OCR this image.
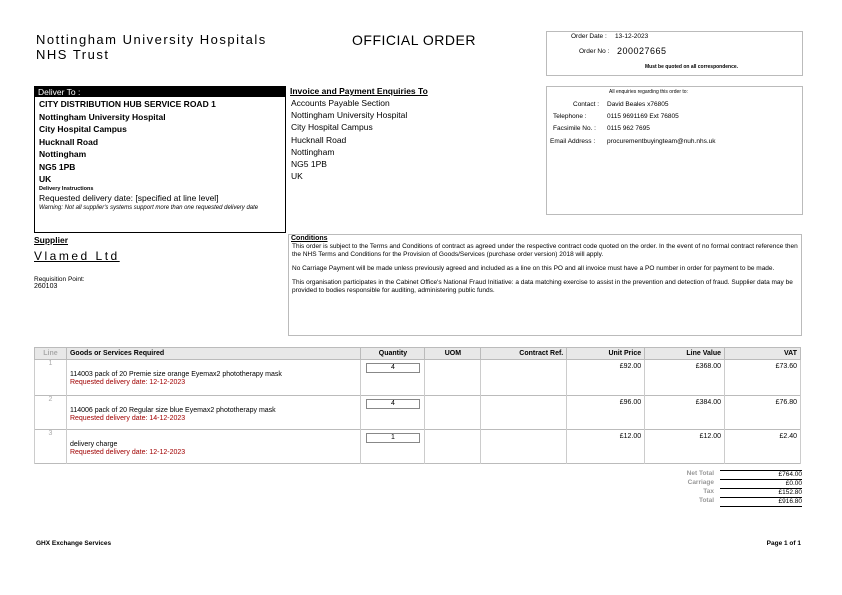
Nottingham University Hospitals
NHS Trust
OFFICIAL ORDER	Order Date : 13-12-2023
Order No : 200027665
Must be quoted on all correspondence.
Deliver To :
CITY DISTRIBUTION HUB SERVICE ROAD 1
Nottingham University Hospital
City Hospital Campus
Hucknall Road
Nottingham
NG5 1PB
UK
Delivery Instructions
Requested delivery date: [specified at line level]
Warning: Not all supplier's systems support more than one requested delivery date
Invoice and Payment Enquiries To
Accounts Payable Section
Nottingham University Hospital
City Hospital Campus
Hucknall Road
Nottingham
NG5 1PB
UK
All enquiries regarding this order to:
Contact : David Beales x76805
Telephone :	0115 9691169 Ext 76805
Facsimile No. : 0115 962 7695
Email Address : procurementbuyingteam@nuh.nhs.uk
Supplier
Vlamed Ltd
Requisition Point:
260103
Conditions

This order is subject to the Terms and Conditions of contract as agreed under the respective contract code quoted on the order. In the event of no formal contract reference then the NHS Terms and Conditions for the Provision of Goods/Services (purchase order version) 2018 will apply.

No Carriage Payment will be made unless previously agreed and included as a line on this PO and all invoice must have a PO number in order for payment to be made.

This organisation participates in the Cabinet Office's National Fraud Initiative: a data matching exercise to assist in the prevention and detection of fraud. Supplier data may be provided to bodies responsible for auditing, administering public funds.

Line	Goods or Services Required	Quantity	UOM	Contract Ref.	Unit Price	Line Value	VAT
1	114003 pack of 20 Premie size orange Eyemax2 phototherapy mask
Requested delivery date: 12-12-2023	4			£92.00	£368.00	£73.60
2	114006 pack of 20 Regular size blue Eyemax2 phototherapy mask
Requested delivery date: 14-12-2023	4			£96.00	£384.00	£76.80
3	delivery charge
Requested delivery date: 12-12-2023	1			£12.00	£12.00	£2.40
Net Total	£764.00
Carriage	£0.00
Tax	£152.80
Total	£916.80
GHX Exchange Services	Page 1 of 1
